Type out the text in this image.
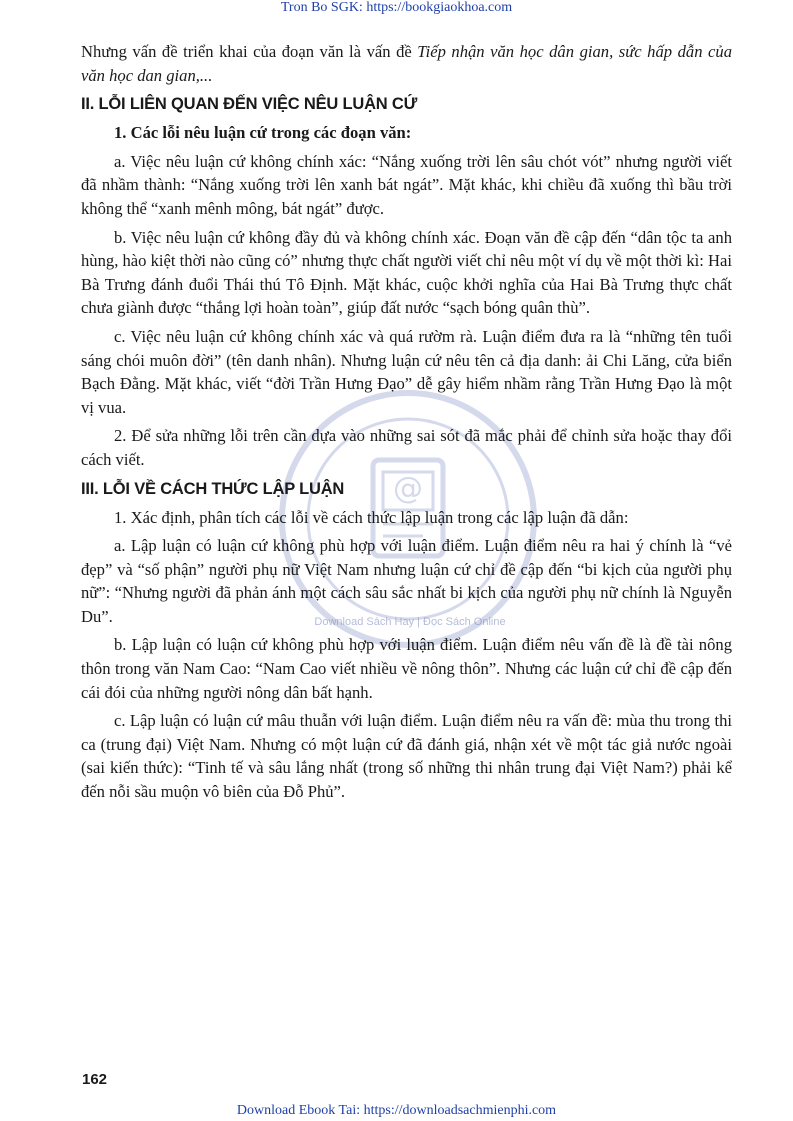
Tron Bo SGK: https://bookgiaokhoa.com
@

Nhưng vấn đề triển khai của đoạn văn là vấn đề Tiếp nhận văn học dân gian, sức hấp dẫn của văn học dan gian,...

II. LỖI LIÊN QUAN ĐẾN VIỆC NÊU LUẬN CỨ

1. Các lỗi nêu luận cứ trong các đoạn văn:

a. Việc nêu luận cứ không chính xác: “Nắng xuống trời lên sâu chót vót” nhưng người viết đã nhầm thành: “Nắng xuống trời lên xanh bát ngát”. Mặt khác, khi chiều đã xuống thì bầu trời không thể “xanh mênh mông, bát ngát” được.

b. Việc nêu luận cứ không đầy đủ và không chính xác. Đoạn văn đề cập đến “dân tộc ta anh hùng, hào kiệt thời nào cũng có” nhưng thực chất người viết chỉ nêu một ví dụ về một thời kì: Hai Bà Trưng đánh đuổi Thái thú Tô Định. Mặt khác, cuộc khởi nghĩa của Hai Bà Trưng thực chất chưa giành được “thắng lợi hoàn toàn”, giúp đất nước “sạch bóng quân thù”.

c. Việc nêu luận cứ không chính xác và quá rườm rà. Luận điểm đưa ra là “những tên tuổi sáng chói muôn đời” (tên danh nhân). Nhưng luận cứ nêu tên cả địa danh: ải Chi Lăng, cửa biển Bạch Đằng. Mặt khác, viết “đời Trần Hưng Đạo” dễ gây hiểm nhầm rằng Trần Hưng Đạo là một vị vua.

2. Để sửa những lỗi trên cần dựa vào những sai sót đã mắc phải để chỉnh sửa hoặc thay đổi cách viết.

III. LỖI VỀ CÁCH THỨC LẬP LUẬN

1. Xác định, phân tích các lỗi về cách thức lập luận trong các lập luận đã dẫn:

a. Lập luận có luận cứ không phù hợp với luận điểm. Luận điểm nêu ra hai ý chính là “vẻ đẹp” và “số phận” người phụ nữ Việt Nam nhưng luận cứ chỉ đề cập đến “bi kịch của người phụ nữ”: “Nhưng người đã phản ánh một cách sâu sắc nhất bi kịch của người phụ nữ chính là Nguyễn Du”.

b. Lập luận có luận cứ không phù hợp với luận điểm. Luận điểm nêu vấn đề là đề tài nông thôn trong văn Nam Cao: “Nam Cao viết nhiều về nông thôn”. Nhưng các luận cứ chỉ đề cập đến cái đói của những người nông dân bất hạnh.

c. Lập luận có luận cứ mâu thuẫn với luận điểm. Luận điểm nêu ra vấn đề: mùa thu trong thi ca (trung đại) Việt Nam. Nhưng có một luận cứ đã đánh giá, nhận xét về một tác giả nước ngoài (sai kiến thức): “Tinh tế và sâu lắng nhất (trong số những thi nhân trung đại Việt Nam?) phải kể đến nỗi sầu muộn vô biên của Đỗ Phủ”.

Download Sách Hay | Đọc Sách Online
162
Download Ebook Tai: https://downloadsachmienphi.com
